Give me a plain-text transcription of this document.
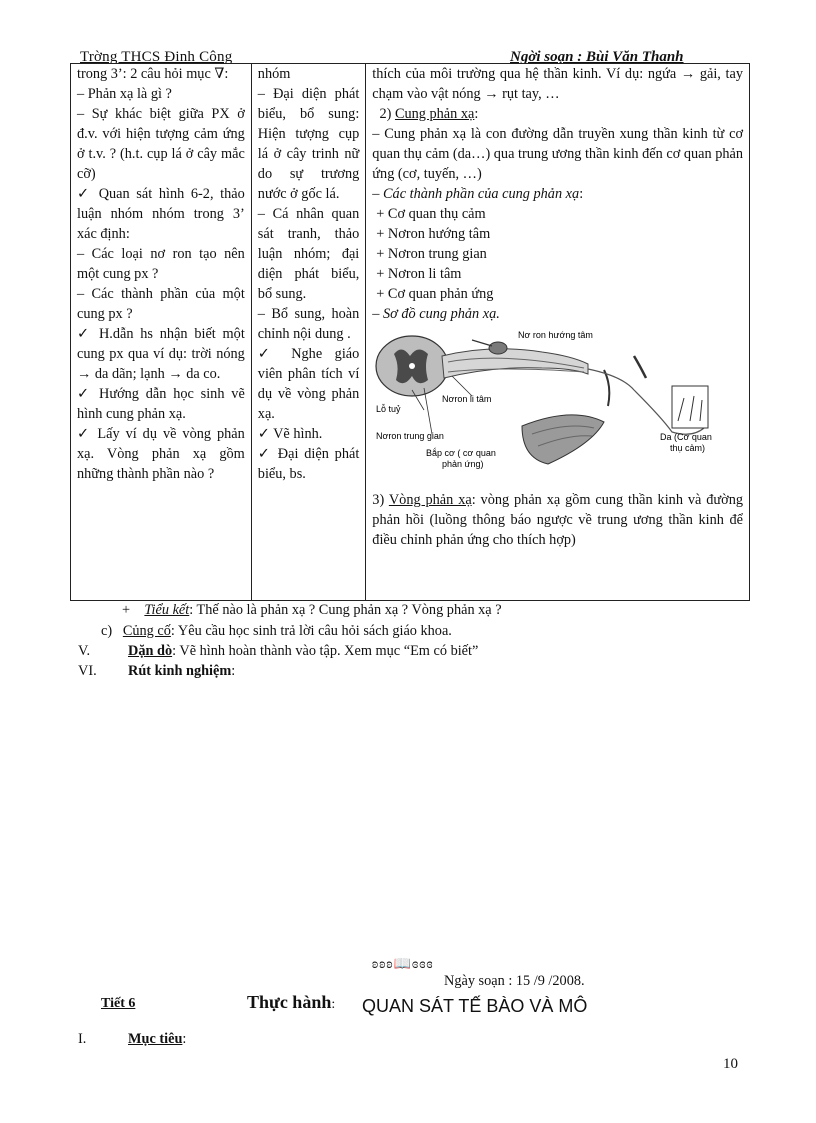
Trờng THCS Đinh Công	Ngời soạn : Bùi Văn Thanh
trong 3’: 2 câu hỏi mục ∇:
– Phản xạ là gì ?
– Sự khác biệt giữa PX ở đ.v. với hiện tượng cảm ứng ở t.v. ? (h.t. cụp lá ở cây mắc cỡ)
✓ Quan sát hình 6-2, thảo luận nhóm nhóm trong 3’ xác định:
– Các loại nơ ron tạo nên một cung px ?
– Các thành phần của một cung px ?
✓ H.dẫn hs nhận biết một cung px qua ví dụ: trời nóng → da dãn; lạnh → da co.
✓ Hướng dẫn học sinh vẽ hình cung phản xạ.
✓ Lấy ví dụ về vòng phản xạ. Vòng phản xạ gồm những thành phần nào ?

nhóm
– Đại diện phát biểu, bổ sung: Hiện tượng cụp lá ở cây trinh nữ do sự trương nước ở gốc lá.
– Cá nhân quan sát tranh, thảo luận nhóm; đại diện phát biểu, bổ sung.
– Bổ sung, hoàn chỉnh nội dung .
✓ Nghe giáo viên phân tích ví dụ về vòng phản xạ.
✓ Vẽ hình.
✓ Đại diện phát biểu, bs.

thích của môi trường qua hệ thần kinh. Ví dụ: ngứa → gải, tay chạm vào vật nóng → rụt tay, …
2) Cung phản xạ:
– Cung phản xạ là con đường dẫn truyền xung thần kinh từ cơ quan thụ cảm (da…) qua trung ương thần kinh đến cơ quan phản ứng (cơ, tuyến, …)
– Các thành phần của cung phản xạ:
+ Cơ quan thụ cảm
+ Nơron hướng tâm
+ Nơron trung gian
+ Nơron li tâm
+ Cơ quan phản ứng
– Sơ đồ cung phản xạ.
Nơ ron hướng tâm
Nơron li tâm
Lỗ tuỷ
Nơron trung gian
Bắp cơ ( cơ quan
phản ứng)
Da (Cơ quan
thụ cảm)
3) Vòng phản xạ: vòng phản xạ gồm cung thần kinh và đường phản hồi (luồng thông báo ngược về trung ương thần kinh để điều chỉnh phản ứng cho thích hợp)
+ Tiểu kết: Thế nào là phản xạ ? Cung phản xạ ? Vòng phản xạ ?
c) Củng cố: Yêu cầu học sinh trả lời câu hỏi sách giáo khoa.
V.	Dặn dò: Vẽ hình hoàn thành vào tập. Xem mục “Em có biết”
VI. Rút kinh nghiệm:
ʚʚʚ📖ɞɞɞ
Ngày soạn : 15 /9 /2008.
Tiết 6	Thực hành: QUAN SÁT TẾ BÀO VÀ MÔ
I.	Mục tiêu:
10
